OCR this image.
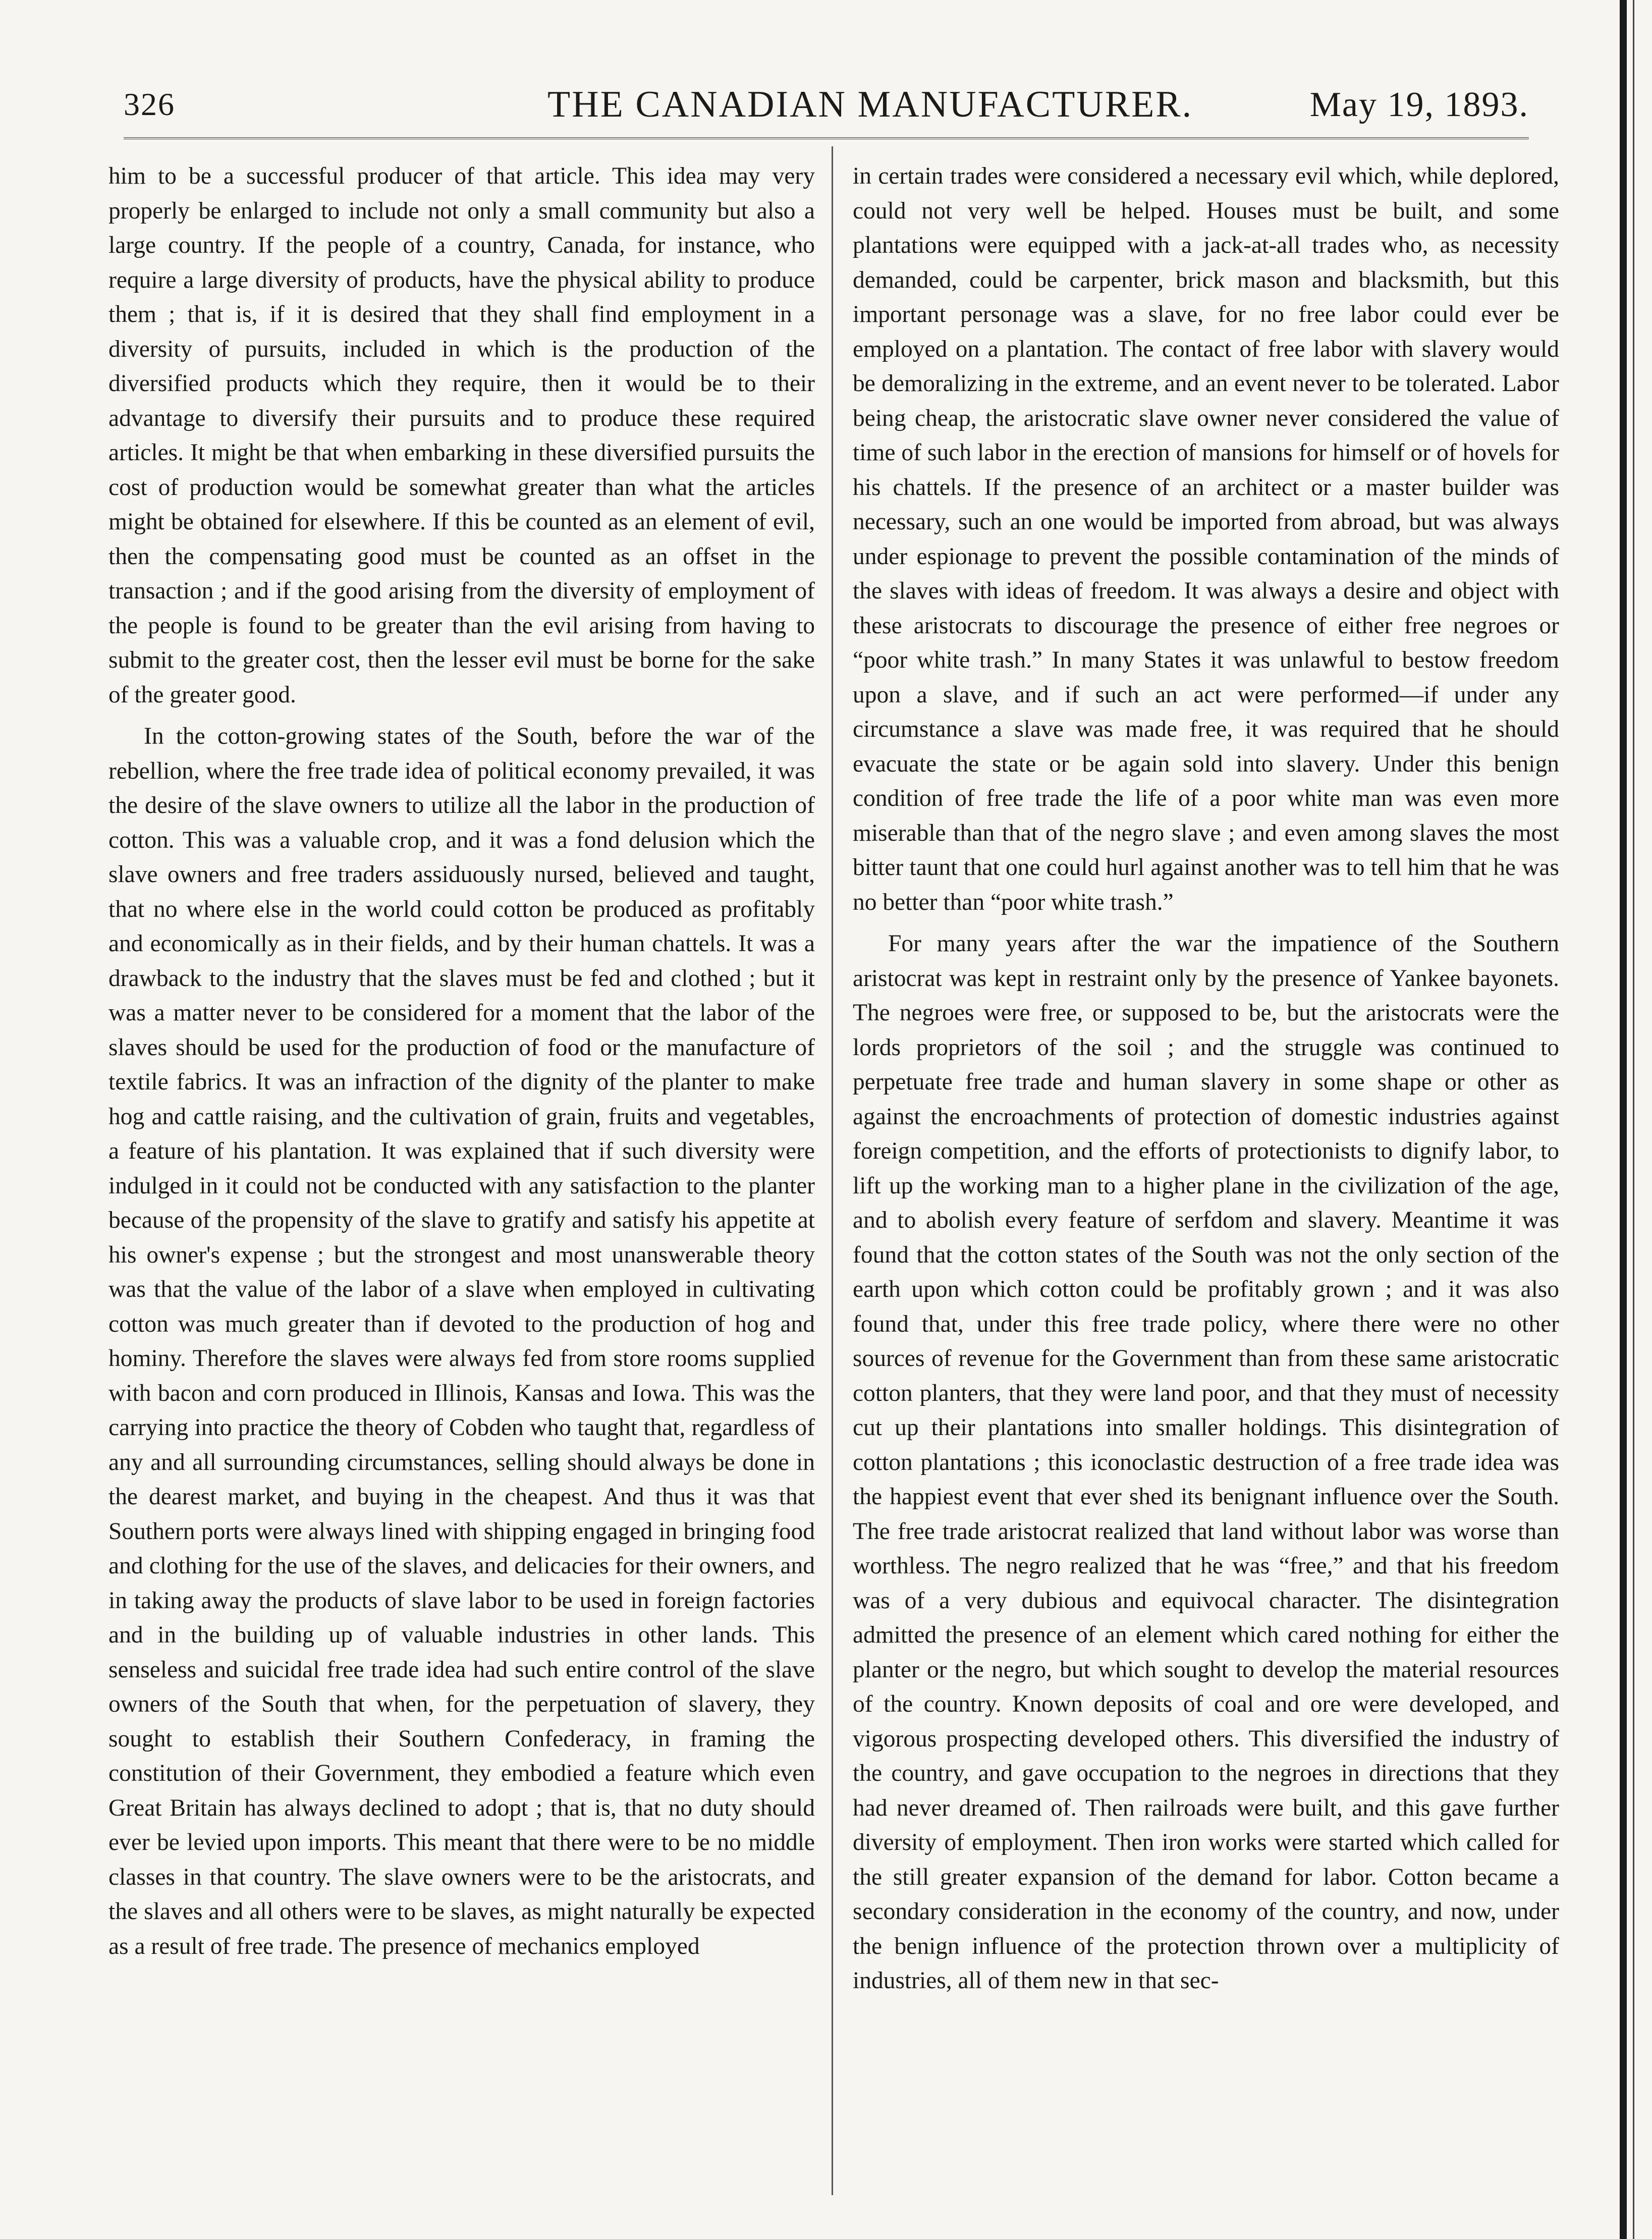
326	THE CANADIAN MANUFACTURER.	May 19, 1893.

him to be a successful producer of that article. This idea may very properly be enlarged to include not only a small community but also a large country. If the people of a country, Canada, for instance, who require a large diversity of products, have the physical ability to produce them ; that is, if it is desired that they shall find employment in a diversity of pursuits, included in which is the production of the diversified products which they require, then it would be to their advantage to diversify their pursuits and to produce these required articles. It might be that when embarking in these diversified pursuits the cost of production would be somewhat greater than what the articles might be obtained for elsewhere. If this be counted as an element of evil, then the compensating good must be counted as an offset in the transaction ; and if the good arising from the diversity of employment of the people is found to be greater than the evil arising from having to submit to the greater cost, then the lesser evil must be borne for the sake of the greater good.

In the cotton-growing states of the South, before the war of the rebellion, where the free trade idea of political economy prevailed, it was the desire of the slave owners to utilize all the labor in the production of cotton. This was a valuable crop, and it was a fond delusion which the slave owners and free traders assiduously nursed, believed and taught, that no where else in the world could cotton be produced as profitably and economically as in their fields, and by their human chattels. It was a drawback to the industry that the slaves must be fed and clothed ; but it was a matter never to be considered for a moment that the labor of the slaves should be used for the production of food or the manufacture of textile fabrics. It was an infraction of the dignity of the planter to make hog and cattle raising, and the cultivation of grain, fruits and vegetables, a feature of his plantation. It was explained that if such diversity were indulged in it could not be conducted with any satisfaction to the planter because of the propensity of the slave to gratify and satisfy his appetite at his owner's expense ; but the strongest and most unanswerable theory was that the value of the labor of a slave when employed in cultivating cotton was much greater than if devoted to the production of hog and hominy. Therefore the slaves were always fed from store rooms supplied with bacon and corn produced in Illinois, Kansas and Iowa. This was the carrying into practice the theory of Cobden who taught that, regardless of any and all surrounding circumstances, selling should always be done in the dearest market, and buying in the cheapest. And thus it was that Southern ports were always lined with shipping engaged in bringing food and clothing for the use of the slaves, and delicacies for their owners, and in taking away the products of slave labor to be used in foreign factories and in the building up of valuable industries in other lands. This senseless and suicidal free trade idea had such entire control of the slave owners of the South that when, for the perpetuation of slavery, they sought to establish their Southern Confederacy, in framing the constitution of their Government, they embodied a feature which even Great Britain has always declined to adopt ; that is, that no duty should ever be levied upon imports. This meant that there were to be no middle classes in that country. The slave owners were to be the aristocrats, and the slaves and all others were to be slaves, as might naturally be expected as a result of free trade. The presence of mechanics employed

in certain trades were considered a necessary evil which, while deplored, could not very well be helped. Houses must be built, and some plantations were equipped with a jack-at-all trades who, as necessity demanded, could be carpenter, brick mason and blacksmith, but this important personage was a slave, for no free labor could ever be employed on a plantation. The contact of free labor with slavery would be demoralizing in the extreme, and an event never to be tolerated. Labor being cheap, the aristocratic slave owner never considered the value of time of such labor in the erection of mansions for himself or of hovels for his chattels. If the presence of an architect or a master builder was necessary, such an one would be imported from abroad, but was always under espionage to prevent the possible contamination of the minds of the slaves with ideas of freedom. It was always a desire and object with these aristocrats to discourage the presence of either free negroes or “poor white trash.” In many States it was unlawful to bestow freedom upon a slave, and if such an act were performed—if under any circumstance a slave was made free, it was required that he should evacuate the state or be again sold into slavery. Under this benign condition of free trade the life of a poor white man was even more miserable than that of the negro slave ; and even among slaves the most bitter taunt that one could hurl against another was to tell him that he was no better than “poor white trash.”

For many years after the war the impatience of the Southern aristocrat was kept in restraint only by the presence of Yankee bayonets. The negroes were free, or supposed to be, but the aristocrats were the lords proprietors of the soil ; and the struggle was continued to perpetuate free trade and human slavery in some shape or other as against the encroachments of protection of domestic industries against foreign competition, and the efforts of protectionists to dignify labor, to lift up the working man to a higher plane in the civilization of the age, and to abolish every feature of serfdom and slavery. Meantime it was found that the cotton states of the South was not the only section of the earth upon which cotton could be profitably grown ; and it was also found that, under this free trade policy, where there were no other sources of revenue for the Government than from these same aristocratic cotton planters, that they were land poor, and that they must of necessity cut up their plantations into smaller holdings. This disintegration of cotton plantations ; this iconoclastic destruction of a free trade idea was the happiest event that ever shed its benignant influence over the South. The free trade aristocrat realized that land without labor was worse than worthless. The negro realized that he was “free,” and that his freedom was of a very dubious and equivocal character. The disintegration admitted the presence of an element which cared nothing for either the planter or the negro, but which sought to develop the material resources of the country. Known deposits of coal and ore were developed, and vigorous prospecting developed others. This diversified the industry of the country, and gave occupation to the negroes in directions that they had never dreamed of. Then railroads were built, and this gave further diversity of employment. Then iron works were started which called for the still greater expansion of the demand for labor. Cotton became a secondary consideration in the economy of the country, and now, under the benign influence of the protection thrown over a multiplicity of industries, all of them new in that sec-
